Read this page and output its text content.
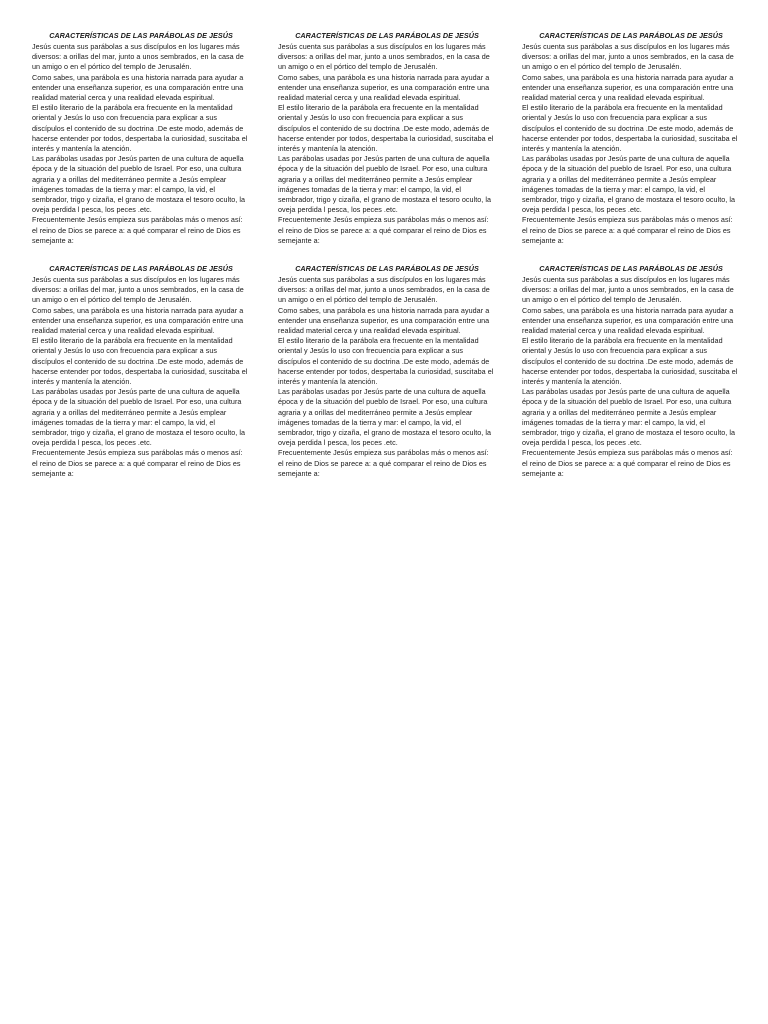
CARACTERÍSTICAS DE LAS PARÁBOLAS DE JESÚS

Jesús cuenta sus parábolas a sus discípulos en los lugares más diversos: a orillas del mar, junto a unos sembrados, en la casa de un amigo o en el pórtico del templo de Jerusalén.

Como sabes, una parábola es una historia narrada para ayudar a entender una enseñanza superior, es una comparación entre una realidad material cerca y una realidad elevada espiritual.

El estilo literario de la parábola era frecuente en la mentalidad oriental y Jesús lo uso con frecuencia para explicar a sus discípulos el contenido de su doctrina .De este modo, además de hacerse entender por todos, despertaba la curiosidad, suscitaba el interés y mantenía la atención.

Las parábolas usadas por Jesús parten de una cultura de aquella época y de la situación del pueblo de Israel. Por eso, una cultura agraria y a orillas del mediterráneo permite a Jesús emplear imágenes tomadas de la tierra y mar: el campo, la vid, el sembrador, trigo y cizaña, el grano de mostaza el tesoro oculto, la oveja perdida l pesca, los peces .etc.

Frecuentemente Jesús empieza sus parábolas más o menos así: el reino de Dios se parece a: a qué comparar el reino de Dios es semejante a:

CARACTERÍSTICAS DE LAS PARÁBOLAS DE JESÚS

Jesús cuenta sus parábolas a sus discípulos en los lugares más diversos: a orillas del mar, junto a unos sembrados, en la casa de un amigo o en el pórtico del templo de Jerusalén.

Como sabes, una parábola es una historia narrada para ayudar a entender una enseñanza superior, es una comparación entre una realidad material cerca y una realidad elevada espiritual.

El estilo literario de la parábola era frecuente en la mentalidad oriental y Jesús lo uso con frecuencia para explicar a sus discípulos el contenido de su doctrina .De este modo, además de hacerse entender por todos, despertaba la curiosidad, suscitaba el interés y mantenía la atención.

Las parábolas usadas por Jesús parten de una cultura de aquella época y de la situación del pueblo de Israel. Por eso, una cultura agraria y a orillas del mediterráneo permite a Jesús emplear imágenes tomadas de la tierra y mar: el campo, la vid, el sembrador, trigo y cizaña, el grano de mostaza el tesoro oculto, la oveja perdida l pesca, los peces .etc.

Frecuentemente Jesús empieza sus parábolas más o menos así: el reino de Dios se parece a: a qué comparar el reino de Dios es semejante a:

CARACTERÍSTICAS DE LAS PARÁBOLAS DE JESÚS

Jesús cuenta sus parábolas a sus discípulos en los lugares más diversos: a orillas del mar, junto a unos sembrados, en la casa de un amigo o en el pórtico del templo de Jerusalén.

Como sabes, una parábola es una historia narrada para ayudar a entender una enseñanza superior, es una comparación entre una realidad material cerca y una realidad elevada espiritual.

El estilo literario de la parábola era frecuente en la mentalidad oriental y Jesús lo uso con frecuencia para explicar a sus discípulos el contenido de su doctrina .De este modo, además de hacerse entender por todos, despertaba la curiosidad, suscitaba el interés y mantenía la atención.

Las parábolas usadas por Jesús parte de una cultura de aquella época y de la situación del pueblo de Israel. Por eso, una cultura agraria y a orillas del mediterráneo permite a Jesús emplear imágenes tomadas de la tierra y mar: el campo, la vid, el sembrador, trigo y cizaña, el grano de mostaza el tesoro oculto, la oveja perdida l pesca, los peces .etc.

Frecuentemente Jesús empieza sus parábolas más o menos así: el reino de Dios se parece a: a qué comparar el reino de Dios es semejante a:

CARACTERÍSTICAS DE LAS PARÁBOLAS DE JESÚS

Jesús cuenta sus parábolas a sus discípulos en los lugares más diversos: a orillas del mar, junto a unos sembrados, en la casa de un amigo o en el pórtico del templo de Jerusalén.

Como sabes, una parábola es una historia narrada para ayudar a entender una enseñanza superior, es una comparación entre una realidad material cerca y una realidad elevada espiritual.

El estilo literario de la parábola era frecuente en la mentalidad oriental y Jesús lo uso con frecuencia para explicar a sus discípulos el contenido de su doctrina .De este modo, además de hacerse entender por todos, despertaba la curiosidad, suscitaba el interés y mantenía la atención.

Las parábolas usadas por Jesús parte de una cultura de aquella época y de la situación del pueblo de Israel. Por eso, una cultura agraria y a orillas del mediterráneo permite a Jesús emplear imágenes tomadas de la tierra y mar: el campo, la vid, el sembrador, trigo y cizaña, el grano de mostaza el tesoro oculto, la oveja perdida l pesca, los peces .etc.

Frecuentemente Jesús empieza sus parábolas más o menos así: el reino de Dios se parece a: a qué comparar el reino de Dios es semejante a:

CARACTERÍSTICAS DE LAS PARÁBOLAS DE JESÚS

Jesús cuenta sus parábolas a sus discípulos en los lugares más diversos: a orillas del mar, junto a unos sembrados, en la casa de un amigo o en el pórtico del templo de Jerusalén.

Como sabes, una parábola es una historia narrada para ayudar a entender una enseñanza superior, es una comparación entre una realidad material cerca y una realidad elevada espiritual.

El estilo literario de la parábola era frecuente en la mentalidad oriental y Jesús lo uso con frecuencia para explicar a sus discípulos el contenido de su doctrina .De este modo, además de hacerse entender por todos, despertaba la curiosidad, suscitaba el interés y mantenía la atención.

Las parábolas usadas por Jesús parte de una cultura de aquella época y de la situación del pueblo de Israel. Por eso, una cultura agraria y a orillas del mediterráneo permite a Jesús emplear imágenes tomadas de la tierra y mar: el campo, la vid, el sembrador, trigo y cizaña, el grano de mostaza el tesoro oculto, la oveja perdida l pesca, los peces .etc.

Frecuentemente Jesús empieza sus parábolas más o menos así: el reino de Dios se parece a: a qué comparar el reino de Dios es semejante a:

CARACTERÍSTICAS DE LAS PARÁBOLAS DE JESÚS

Jesús cuenta sus parábolas a sus discípulos en los lugares más diversos: a orillas del mar, junto a unos sembrados, en la casa de un amigo o en el pórtico del templo de Jerusalén.

Como sabes, una parábola es una historia narrada para ayudar a entender una enseñanza superior, es una comparación entre una realidad material cerca y una realidad elevada espiritual.

El estilo literario de la parábola era frecuente en la mentalidad oriental y Jesús lo uso con frecuencia para explicar a sus discípulos el contenido de su doctrina .De este modo, además de hacerse entender por todos, despertaba la curiosidad, suscitaba el interés y mantenía la atención.

Las parábolas usadas por Jesús parte de una cultura de aquella época y de la situación del pueblo de Israel. Por eso, una cultura agraria y a orillas del mediterráneo permite a Jesús emplear imágenes tomadas de la tierra y mar: el campo, la vid, el sembrador, trigo y cizaña, el grano de mostaza el tesoro oculto, la oveja perdida l pesca, los peces .etc.

Frecuentemente Jesús empieza sus parábolas más o menos así: el reino de Dios se parece a: a qué comparar el reino de Dios es semejante a:
